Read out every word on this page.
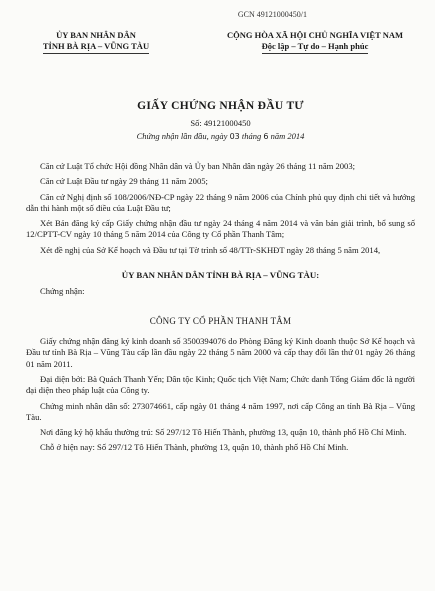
GCN 49121000450/1
ỦY BAN NHÂN DÂN
TỈNH BÀ RỊA – VŨNG TÀU
CỘNG HÒA XÃ HỘI CHỦ NGHĨA VIỆT NAM
Độc lập – Tự do – Hạnh phúc
GIẤY CHỨNG NHẬN ĐẦU TƯ
Số: 49121000450
Chứng nhận lần đầu, ngày 03 tháng 6 năm 2014

Căn cứ Luật Tổ chức Hội đồng Nhân dân và Ủy ban Nhân dân ngày 26 tháng 11 năm 2003;

Căn cứ Luật Đầu tư ngày 29 tháng 11 năm 2005;

Căn cứ Nghị định số 108/2006/NĐ-CP ngày 22 tháng 9 năm 2006 của Chính phủ quy định chi tiết và hướng dẫn thi hành một số điều của Luật Đầu tư;

Xét Bản đăng ký cấp Giấy chứng nhận đầu tư ngày 24 tháng 4 năm 2014 và văn bản giải trình, bổ sung số 12/CPTT-CV ngày 10 tháng 5 năm 2014 của Công ty Cổ phần Thanh Tâm;

Xét đề nghị của Sở Kế hoạch và Đầu tư tại Tờ trình số 48/TTr-SKHĐT ngày 28 tháng 5 năm 2014,

ỦY BAN NHÂN DÂN TỈNH BÀ RỊA – VŨNG TÀU:
Chứng nhận:
CÔNG TY CỔ PHẦN THANH TÂM

Giấy chứng nhận đăng ký kinh doanh số 3500394076 do Phòng Đăng ký Kinh doanh thuộc Sở Kế hoạch và Đầu tư tỉnh Bà Rịa – Vũng Tàu cấp lần đầu ngày 22 tháng 5 năm 2000 và cấp thay đổi lần thứ 01 ngày 26 tháng 01 năm 2011.

Đại diện bởi: Bà Quách Thanh Yến; Dân tộc Kinh; Quốc tịch Việt Nam; Chức danh Tổng Giám đốc là người đại diện theo pháp luật của Công ty.

Chứng minh nhân dân số: 273074661, cấp ngày 01 tháng 4 năm 1997, nơi cấp Công an tỉnh Bà Rịa – Vũng Tàu.

Nơi đăng ký hộ khẩu thường trú: Số 297/12 Tô Hiến Thành, phường 13, quận 10, thành phố Hồ Chí Minh.

Chỗ ở hiện nay: Số 297/12 Tô Hiến Thành, phường 13, quận 10, thành phố Hồ Chí Minh.
